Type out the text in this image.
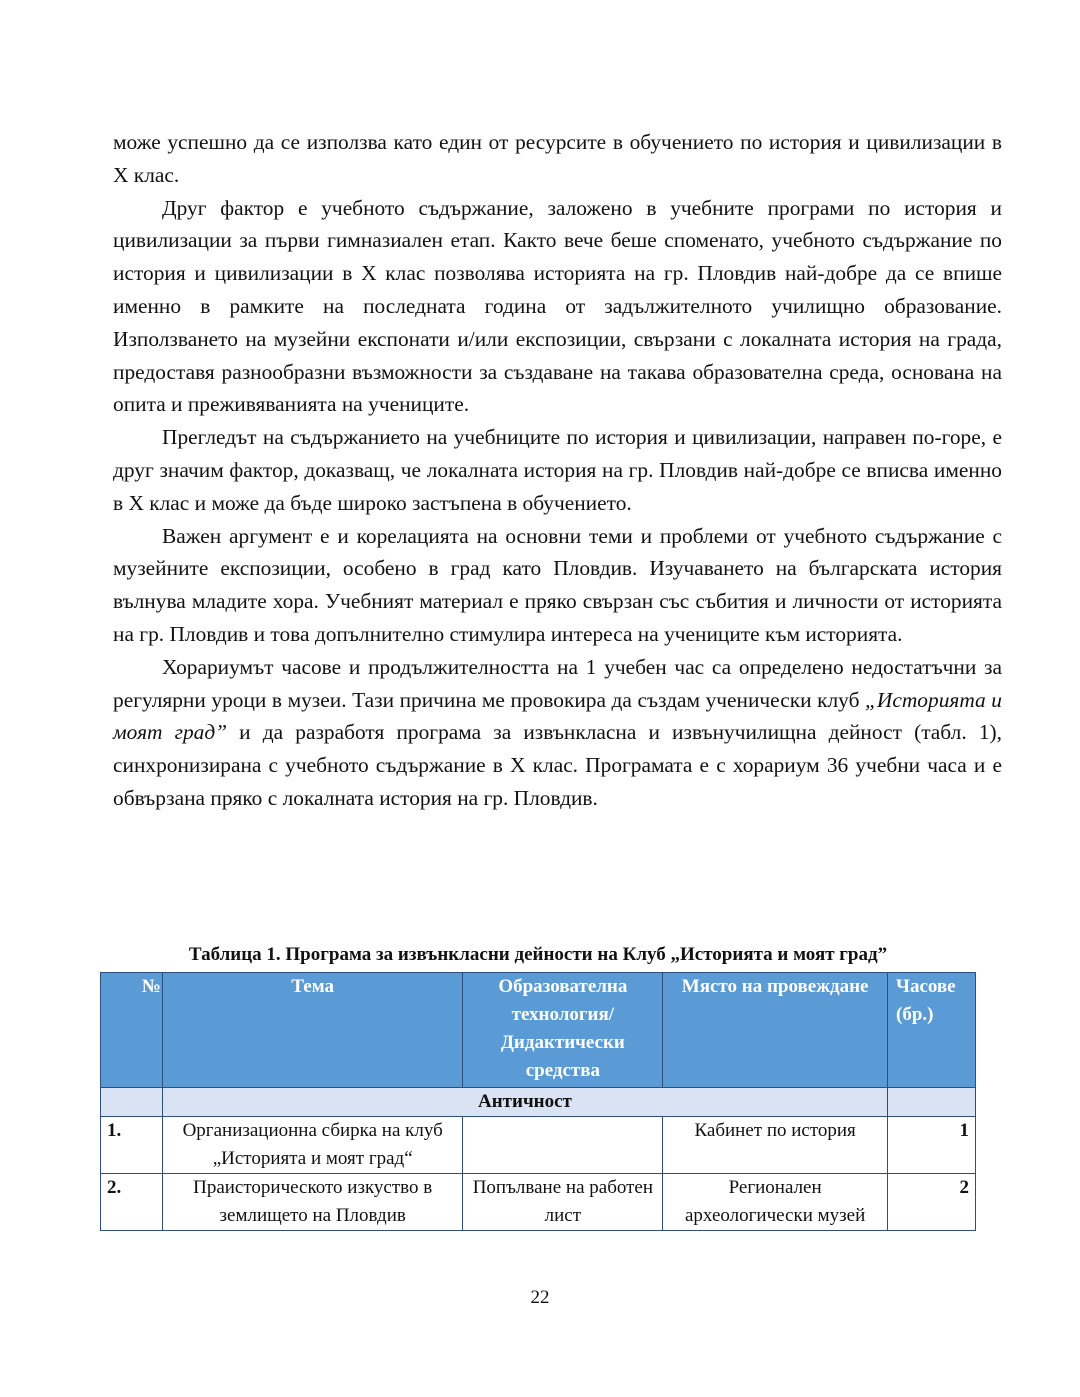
може успешно да се използва като един от ресурсите в обучението по история и цивилизации в X клас.

Друг фактор е учебното съдържание, заложено в учебните програми по история и цивилизации за първи гимназиален етап. Както вече беше споменато, учебното съдържание по история и цивилизации в X клас позволява историята на гр. Пловдив най-добре да се впише именно в рамките на последната година от задължителното училищно образование. Използването на музейни експонати и/или експозиции, свързани с локалната история на града, предоставя разнообразни възможности за създаване на такава образователна среда, основана на опита и преживяванията на учениците.

Прегледът на съдържанието на учебниците по история и цивилизации, направен по-горе, е друг значим фактор, доказващ, че локалната история на гр. Пловдив най-добре се вписва именно в X клас и може да бъде широко застъпена в обучението.

Важен аргумент е и корелацията на основни теми и проблеми от учебното съдържание с музейните експозиции, особено в град като Пловдив. Изучаването на българската история вълнува младите хора. Учебният материал е пряко свързан със събития и личности от историята на гр. Пловдив и това допълнително стимулира интереса на учениците към историята.

Хорариумът часове и продължителността на 1 учебен час са определено недостатъчни за регулярни уроци в музеи. Тази причина ме провокира да създам ученически клуб „Историята и моят град” и да разработя програма за извънкласна и извънучилищна дейност (табл. 1), синхронизирана с учебното съдържание в X клас. Програмата е с хорариум 36 учебни часа и е обвързана пряко с локалната история на гр. Пловдив.

Таблица 1. Програма за извънкласни дейности на Клуб „Историята и моят град”
№	Тема	Образователна технология/ Дидактически средства	Място на провеждане	Часове (бр.)
	Античност			
1.	Организационна сбирка на клуб „Историята и моят град“		Кабинет по история	1
2.	Праисторическото изкуство в землището на Пловдив	Попълване на работен лист	Регионален археологически музей	2
22
